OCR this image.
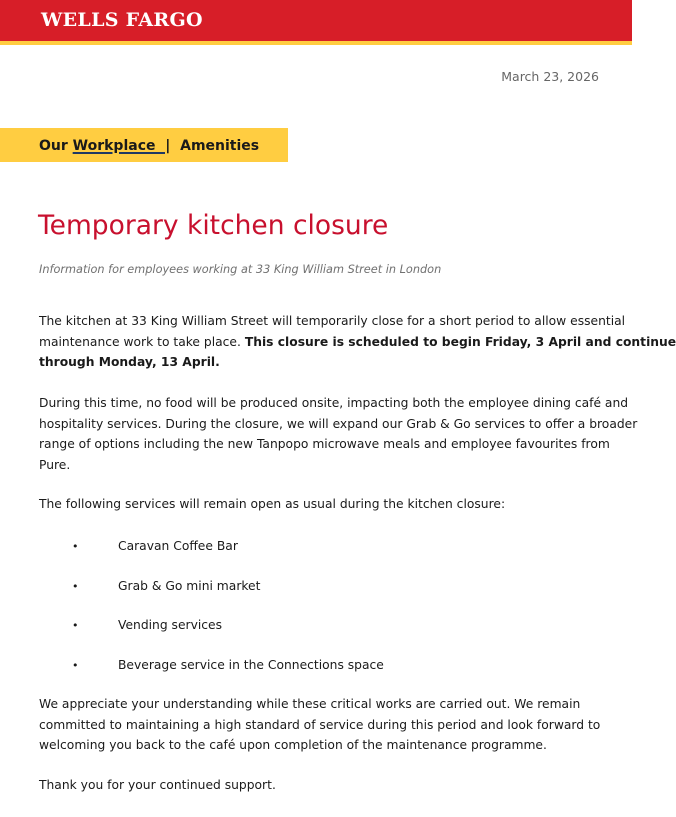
WELLS FARGO
March 23, 2026
Our Workplace  |  Amenities
Temporary kitchen closure
Information for employees working at 33 King William Street in London
The kitchen at 33 King William Street will temporarily close for a short period to allow essential
maintenance work to take place. This closure is scheduled to begin Friday, 3 April and continue
through Monday, 13 April.
During this time, no food will be produced onsite, impacting both the employee dining café and
hospitality services. During the closure, we will expand our Grab & Go services to offer a broader
range of options including the new Tanpopo microwave meals and employee favourites from
Pure.
The following services will remain open as usual during the kitchen closure:
•	Caravan Coffee Bar
•	Grab & Go mini market
•	Vending services
•	Beverage service in the Connections space
We appreciate your understanding while these critical works are carried out. We remain
committed to maintaining a high standard of service during this period and look forward to
welcoming you back to the café upon completion of the maintenance programme.
Thank you for your continued support.
